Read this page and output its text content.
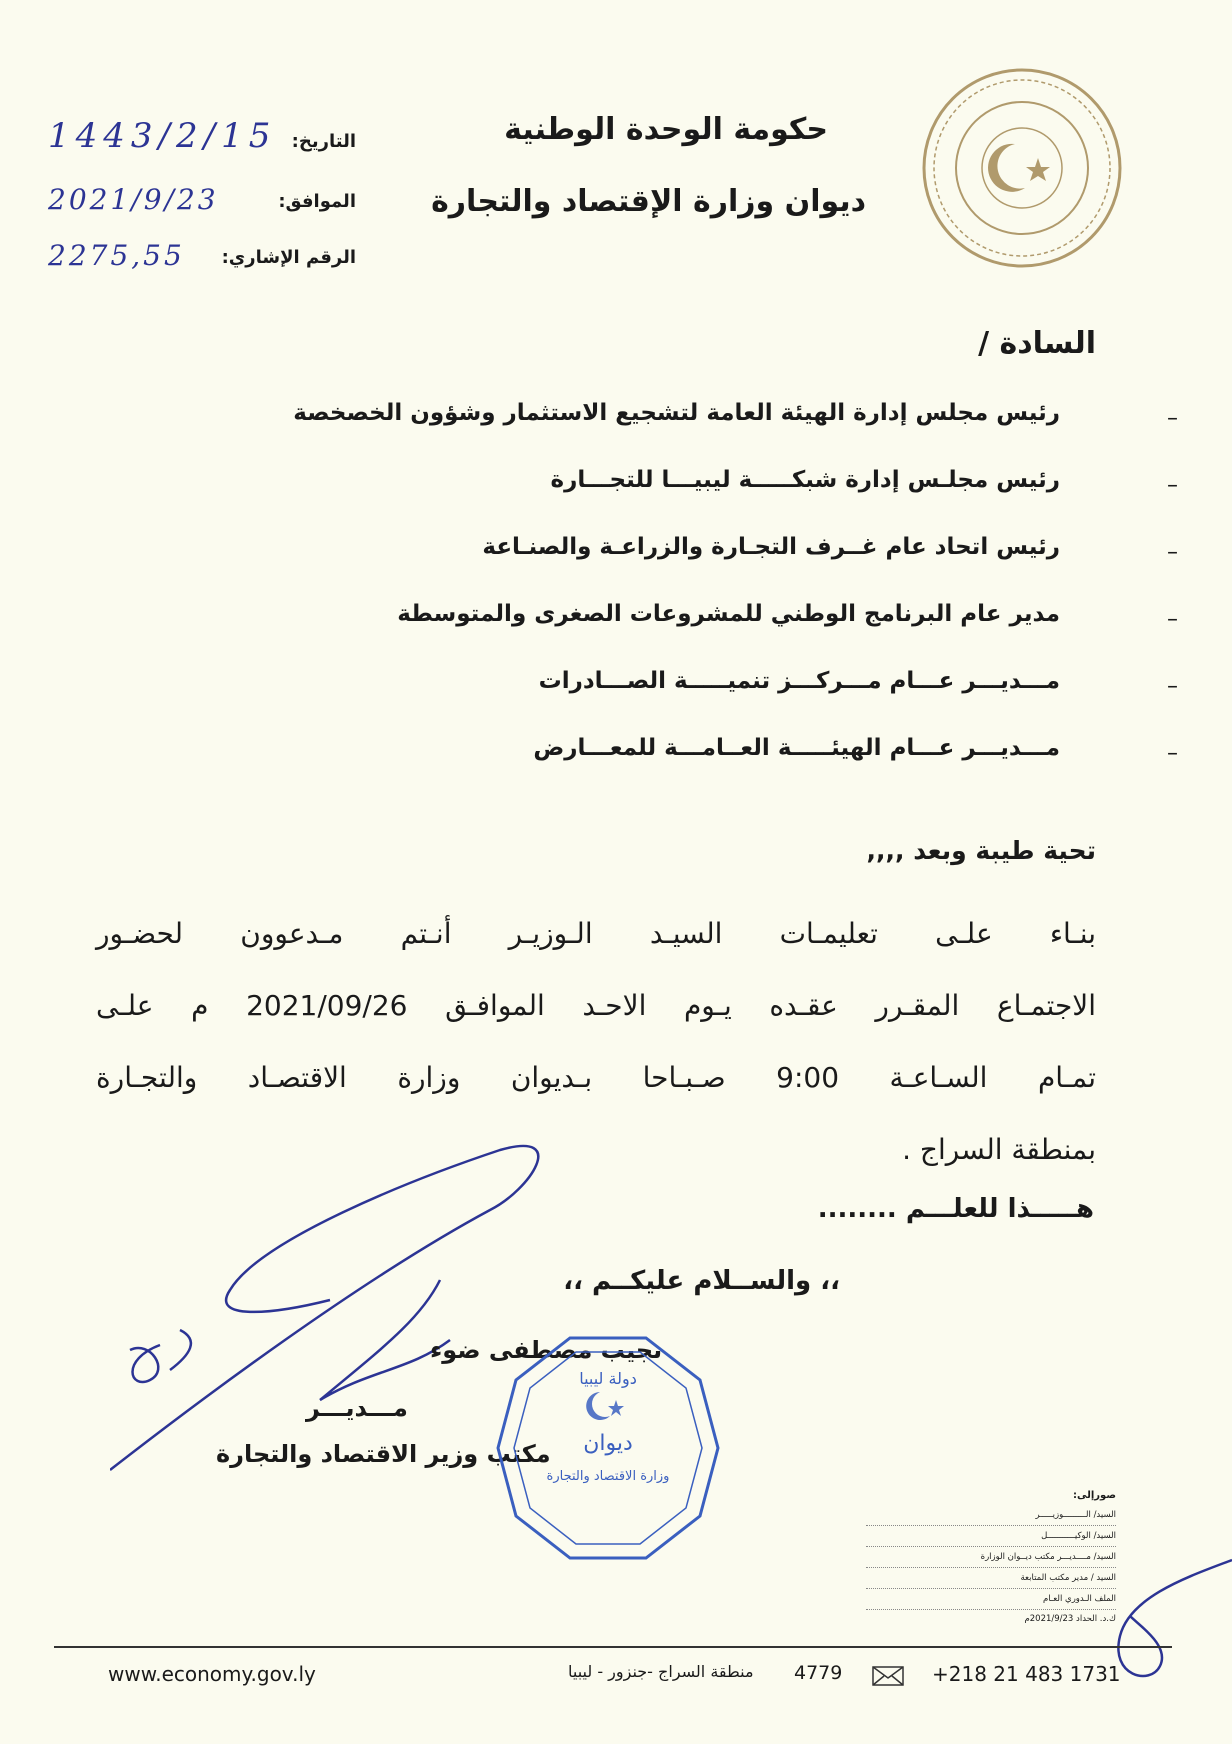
حكومة الوحدة الوطنية
ديوان وزارة الإقتصاد والتجارة
التاريخ:
1443/2/15
الموافق:
2021/9/23
الرقم الإشاري:
2275,55
السادة /
–
رئيس مجلس إدارة الهيئة العامة لتشجيع الاستثمار وشؤون الخصخصة
–
رئيس مجلـس إدارة شبكـــــة ليبيـــا للتجـــارة
–
رئيس اتحاد عام غــرف التجـارة والزراعـة والصنـاعة
–
مدير عام البرنامج الوطني للمشروعات الصغرى والمتوسطة
–
مـــديـــر عـــام مـــركـــز تنميـــــة الصـــادرات
–
مـــديـــر عـــام الهيئـــــة العــامـــة للمعـــارض
تحية طيبة وبعد ,,,,
بنـاء علـى تعليمـات السيـد الـوزيـر أنـتم مـدعوون لحضـور
الاجتمـاع المقـرر عقـده يـوم الاحـد الموافـق 2021/09/26 م علـى
تمـام السـاعـة 9:00 صـبـاحا بـديوان وزارة الاقتصـاد والتجـارة
بمنطقة السراج .
هـــــذا للعلـــم ........
،، والســلام عليكــم ،،
نجيب مصطفى ضوء
مـــديـــر
مكتب وزير الاقتصاد والتجارة
دولة ليبيا
ديوان
وزارة الاقتصاد والتجارة
صورإلى:
السيد/ الـــــــــوزيـــــر
السيد/ الوكيـــــــــــل
السيد/ مــــديـــر مكتب ديــوان الوزارة
السيد / مدير مكتب المتابعة
الملف الـدوري العـام
ك.د. الحداد 2021/9/23م
www.economy.gov.ly	منطقة السراج -جنزور - ليبيا 4779	+218 21 483 1731
